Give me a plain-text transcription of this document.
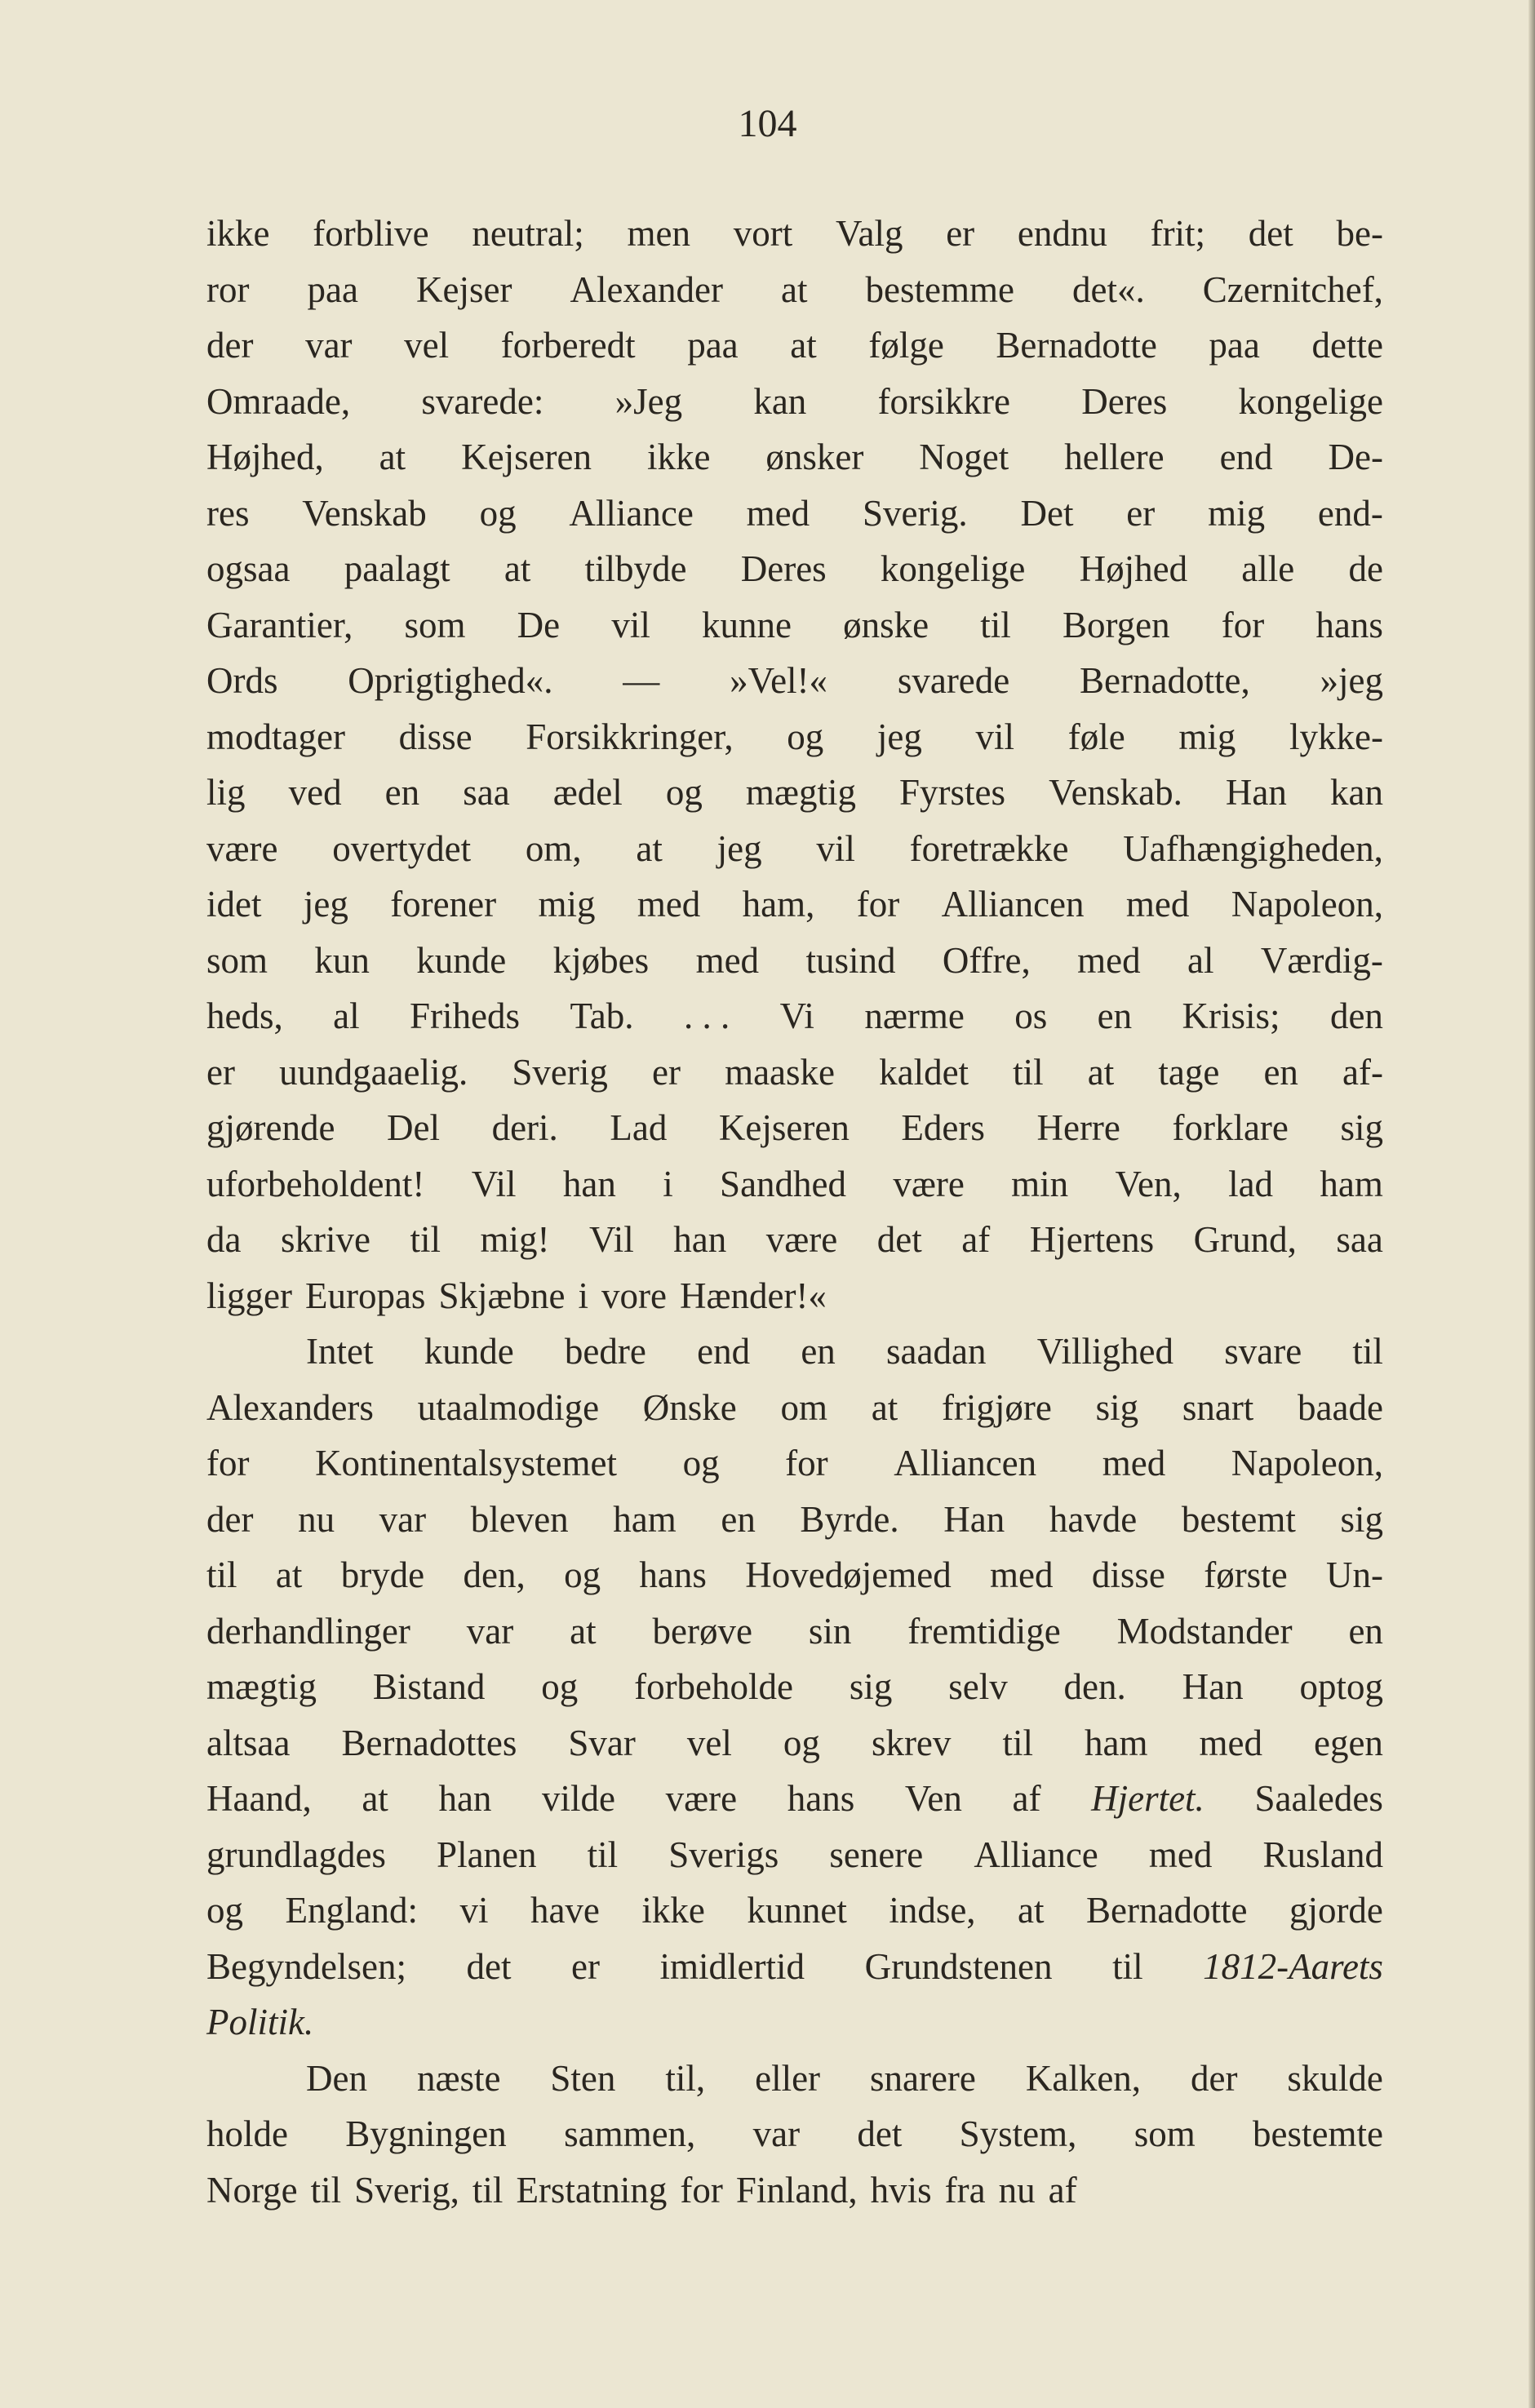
104
ikke forblive neutral; men vort Valg er endnu frit; det be-
ror paa Kejser Alexander at bestemme det«. Czernitchef,
der var vel forberedt paa at følge Bernadotte paa dette
Omraade, svarede: »Jeg kan forsikkre Deres kongelige
Højhed, at Kejseren ikke ønsker Noget hellere end De-
res Venskab og Alliance med Sverig. Det er mig end-
ogsaa paalagt at tilbyde Deres kongelige Højhed alle de
Garantier, som De vil kunne ønske til Borgen for hans
Ords Oprigtighed«. — »Vel!« svarede Bernadotte, »jeg
modtager disse Forsikkringer, og jeg vil føle mig lykke-
lig ved en saa ædel og mægtig Fyrstes Venskab. Han kan
være overtydet om, at jeg vil foretrække Uafhængigheden,
idet jeg forener mig med ham, for Alliancen med Napoleon,
som kun kunde kjøbes med tusind Offre, med al Værdig-
heds, al Friheds Tab. . . . Vi nærme os en Krisis; den
er uundgaaelig. Sverig er maaske kaldet til at tage en af-
gjørende Del deri. Lad Kejseren Eders Herre forklare sig
uforbeholdent! Vil han i Sandhed være min Ven, lad ham
da skrive til mig! Vil han være det af Hjertens Grund, saa
ligger Europas Skjæbne i vore Hænder!«
Intet kunde bedre end en saadan Villighed svare til
Alexanders utaalmodige Ønske om at frigjøre sig snart baade
for Kontinentalsystemet og for Alliancen med Napoleon,
der nu var bleven ham en Byrde. Han havde bestemt sig
til at bryde den, og hans Hovedøjemed med disse første Un-
derhandlinger var at berøve sin fremtidige Modstander en
mægtig Bistand og forbeholde sig selv den. Han optog
altsaa Bernadottes Svar vel og skrev til ham med egen
Haand, at han vilde være hans Ven af Hjertet. Saaledes
grundlagdes Planen til Sverigs senere Alliance med Rusland
og England: vi have ikke kunnet indse, at Bernadotte gjorde
Begyndelsen; det er imidlertid Grundstenen til 1812-Aarets
Politik.
Den næste Sten til, eller snarere Kalken, der skulde
holde Bygningen sammen, var det System, som bestemte
Norge til Sverig, til Erstatning for Finland, hvis fra nu af
